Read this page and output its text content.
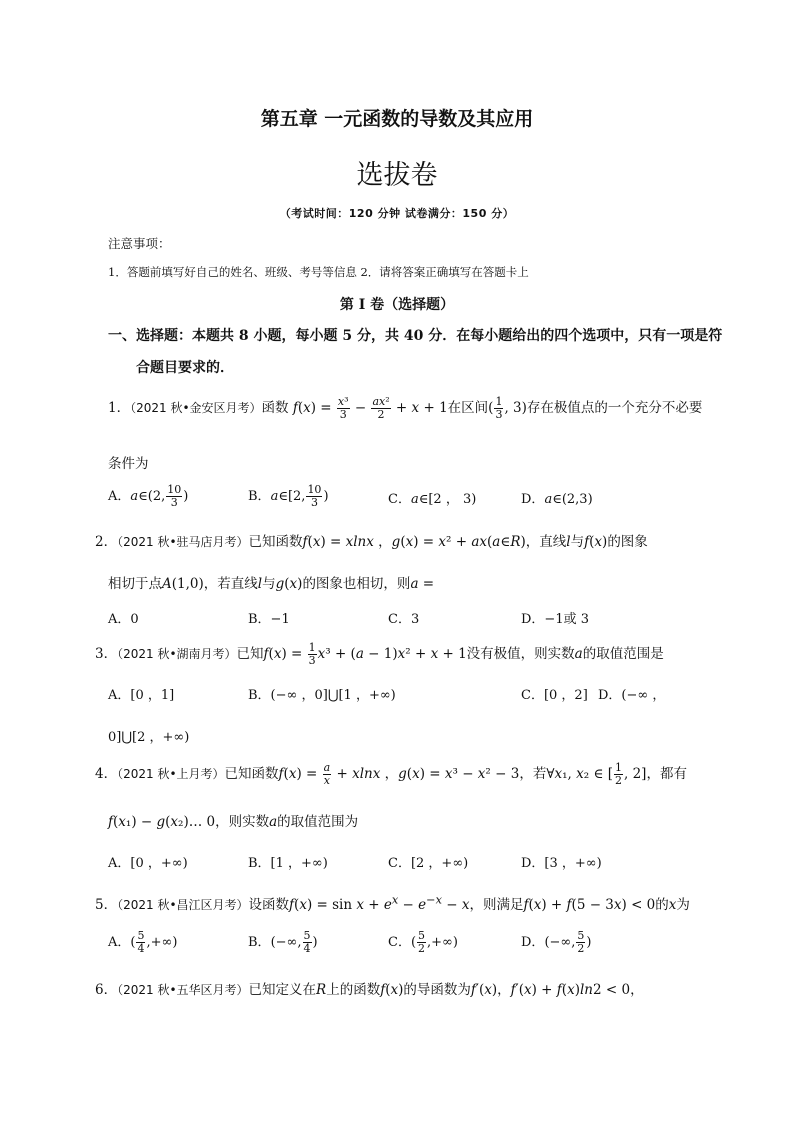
第五章 一元函数的导数及其应用
选拔卷
（考试时间：120 分钟 试卷满分：150 分）
注意事项：
1．答题前填写好自己的姓名、班级、考号等信息 2．请将答案正确填写在答题卡上
第 I 卷（选择题）
一、选择题：本题共 8 小题，每小题 5 分，共 40 分．在每小题给出的四个选项中，只有一项是符
合题目要求的．
1．（2021 秋•金安区月考）函数 $f(x) = \frac{\text{x³}}{3} - \frac{\text{ax²}}{2} + x + 1$在区间( $\frac{1}{3}$ , 3)存在极值点的一个充分不必要
条件为
A．a∈(2, $\frac{10}{3}$ )	B．a∈[2, $\frac{10}{3}$ )	C．a∈[2 ， 3)	D．a∈(2,3)
2．（2021 秋•驻马店月考）已知函数f(x) = xlnx ，g(x) = x² + ax(a∈R)，直线l与f(x)的图象
相切于点A(1,0)，若直线l与g(x)的图象也相切，则a =
A．0	B．−1	C．3	D．−1或 3
3．（2021 秋•湖南月考）已知$f(x) = \frac{1}{3} x^3 + (a - 1)x^2 + x + 1$没有极值，则实数a的取值范围是
A．[0 ，1]	B．(−∞ ，0]⋃[1 ，+∞)	C．[0 ，2] D．(−∞ ，
0]⋃[2 ，+∞)
4．（2021 秋•上月考）已知函数$f(x) = \frac{a}{x} + xlnx$ ，g(x) = x³ − x² − 3，若∀x₁, x₂ ∈ [ $\frac{1}{2}$ , 2]，都有
f(x₁) − g(x₂)… 0，则实数a的取值范围为
A．[0 ，+∞)	B．[1 ，+∞)	C．[2 ，+∞)	D．[3 ，+∞)
5．（2021 秋•昌江区月考）设函数$f(x) = \sin x + e^x - e^{-x} - x$，则满足f(x) + f(5 − 3x) < 0的x为
A．( $\frac{5}{4}$ ,+∞)	B．(−∞, $\frac{5}{4}$ )	C．( $\frac{5}{2}$ ,+∞)	D．(−∞, $\frac{5}{2}$ )
6．（2021 秋•五华区月考）已知定义在R上的函数f(x)的导函数为f′(x)，f′(x) + f(x)ln2 < 0，
